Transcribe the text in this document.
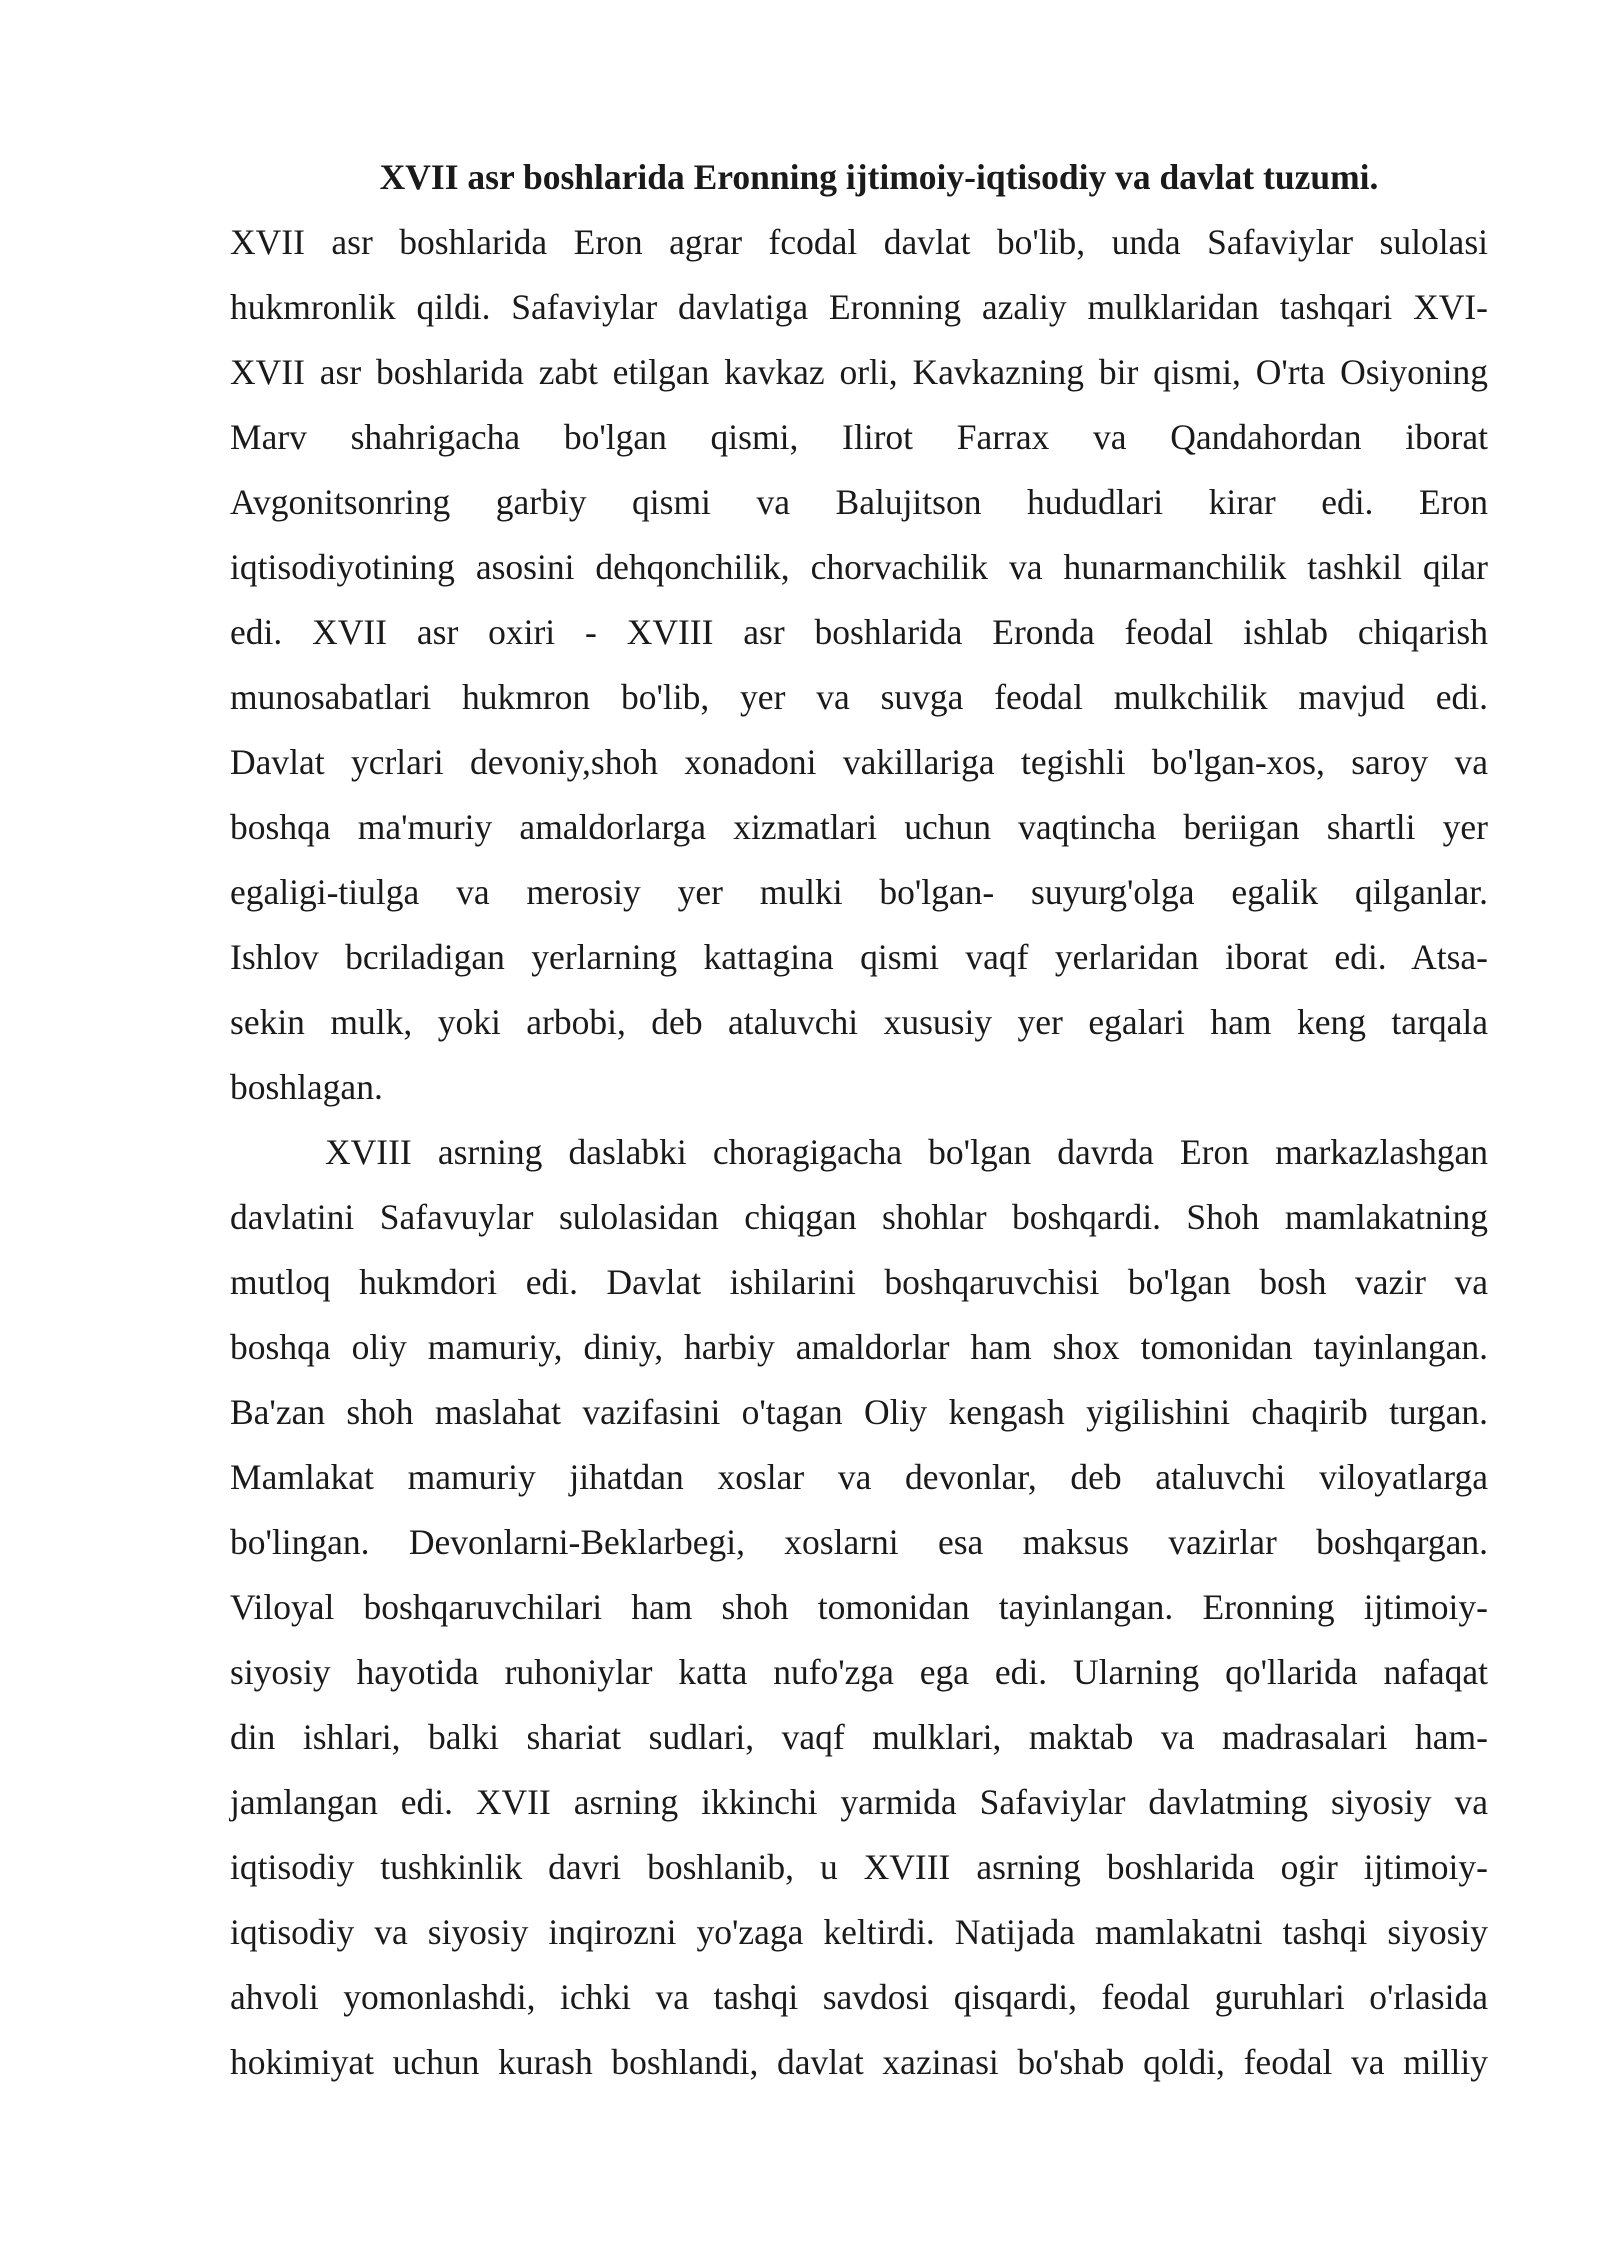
XVII asr boshlarida Eronning ijtimoiy-iqtisodiy va davlat tuzumi.
XVII asr boshlarida Eron agrar fcodal davlat bo'lib, unda Safaviylar sulolasi
hukmronlik qildi. Safaviylar davlatiga Eronning azaliy mulklaridan tashqari XVI-
XVII asr boshlarida zabt etilgan kavkaz orli, Kavkazning bir qismi, O'rta Osiyoning
Marv shahrigacha bo'lgan qismi, Ilirot Farrax va Qandahordan iborat
Avgonitsonring garbiy qismi va Balujitson hududlari kirar edi. Eron
iqtisodiyotining asosini dehqonchilik, chorvachilik va hunarmanchilik tashkil qilar
edi. XVII asr oxiri - XVIII asr boshlarida Eronda feodal ishlab chiqarish
munosabatlari hukmron bo'lib, yer va suvga feodal mulkchilik mavjud edi.
Davlat ycrlari devoniy,shoh xonadoni vakillariga tegishli bo'lgan-xos, saroy va
boshqa ma'muriy amaldorlarga xizmatlari uchun vaqtincha beriigan shartli yer
egaligi-tiulga va merosiy yer mulki bo'lgan- suyurg'olga egalik qilganlar.
Ishlov bcriladigan yerlarning kattagina qismi vaqf yerlaridan iborat edi. Atsa-
sekin mulk, yoki arbobi, deb ataluvchi xususiy yer egalari ham keng tarqala
boshlagan.
XVIII asrning daslabki choragigacha bo'lgan davrda Eron markazlashgan
davlatini Safavuylar sulolasidan chiqgan shohlar boshqardi. Shoh mamlakatning
mutloq hukmdori edi. Davlat ishilarini boshqaruvchisi bo'lgan bosh vazir va
boshqa oliy mamuriy, diniy, harbiy amaldorlar ham shox tomonidan tayinlangan.
Ba'zan shoh maslahat vazifasini o'tagan Oliy kengash yigilishini chaqirib turgan.
Mamlakat mamuriy jihatdan xoslar va devonlar, deb ataluvchi viloyatlarga
bo'lingan. Devonlarni-Beklarbegi, xoslarni esa maksus vazirlar boshqargan.
Viloyal boshqaruvchilari ham shoh tomonidan tayinlangan. Eronning ijtimoiy-
siyosiy hayotida ruhoniylar katta nufo'zga ega edi. Ularning qo'llarida nafaqat
din ishlari, balki shariat sudlari, vaqf mulklari, maktab va madrasalari ham-
jamlangan edi. XVII asrning ikkinchi yarmida Safaviylar davlatming siyosiy va
iqtisodiy tushkinlik davri boshlanib, u XVIII asrning boshlarida ogir ijtimoiy-
iqtisodiy va siyosiy inqirozni yo'zaga keltirdi. Natijada mamlakatni tashqi siyosiy
ahvoli yomonlashdi, ichki va tashqi savdosi qisqardi, feodal guruhlari o'rlasida
hokimiyat uchun kurash boshlandi, davlat xazinasi bo'shab qoldi, feodal va milliy
